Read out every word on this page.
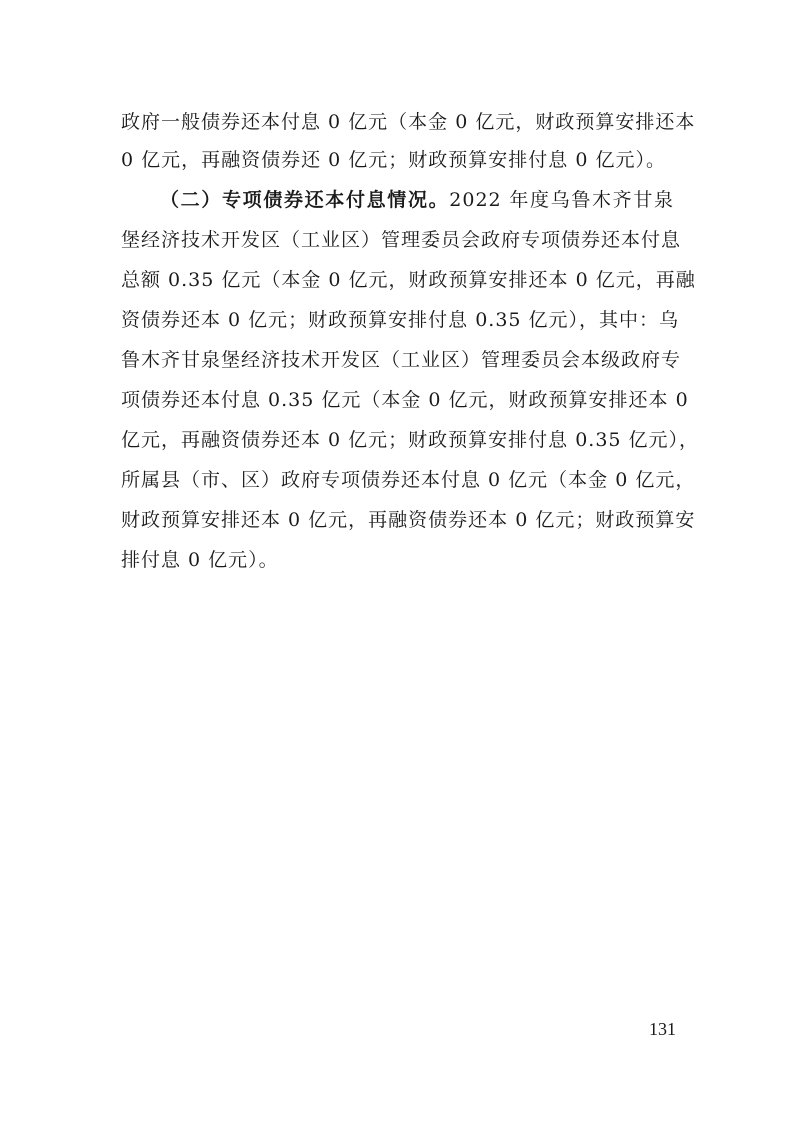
政府一般债券还本付息 0 亿元（本金 0 亿元，财政预算安排还本
0 亿元，再融资债券还 0 亿元；财政预算安排付息 0 亿元）。
（二）专项债券还本付息情况。2022 年度乌鲁木齐甘泉
堡经济技术开发区（工业区）管理委员会政府专项债券还本付息
总额 0.35 亿元（本金 0 亿元，财政预算安排还本 0 亿元，再融
资债券还本 0 亿元；财政预算安排付息 0.35 亿元），其中：乌
鲁木齐甘泉堡经济技术开发区（工业区）管理委员会本级政府专
项债券还本付息 0.35 亿元（本金 0 亿元，财政预算安排还本 0
亿元，再融资债券还本 0 亿元；财政预算安排付息 0.35 亿元），
所属县（市、区）政府专项债券还本付息 0 亿元（本金 0 亿元，
财政预算安排还本 0 亿元，再融资债券还本 0 亿元；财政预算安
排付息 0 亿元）。
131
